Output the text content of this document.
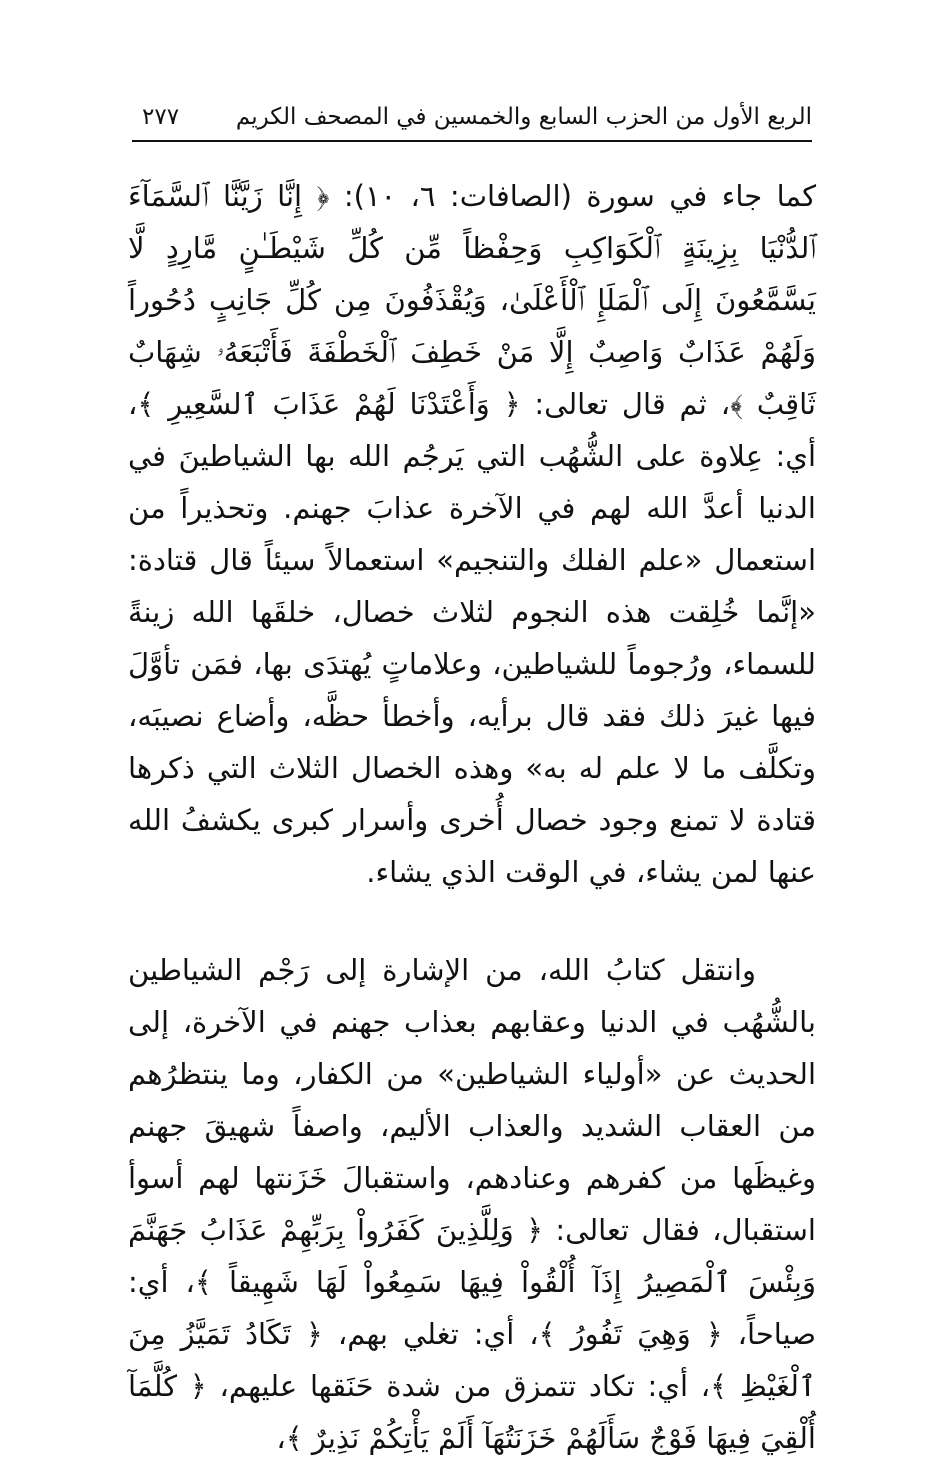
الربع الأول من الحزب السابع والخمسين في المصحف الكريم
٢٧٧

كما جاء في سورة (الصافات: ٦، ١٠): ﴿ إِنَّا زَيَّنَّا ٱلسَّمَآءَ ٱلدُّنْيَا بِزِينَةٍ ٱلْكَوَاكِبِ وَحِفْظاً مِّن كُلِّ شَيْطَـٰنٍ مَّارِدٍ لَّا يَسَّمَّعُونَ إِلَى ٱلْمَلَإِ ٱلْأَعْلَىٰ، وَيُقْذَفُونَ مِن كُلِّ جَانِبٍ دُحُوراً وَلَهُمْ عَذَابٌ وَاصِبٌ إِلَّا مَنْ خَطِفَ ٱلْخَطْفَةَ فَأَتْبَعَهُۥ شِهَابٌ ثَاقِبٌ ﴾، ثم قال تعالى: ﴿ وَأَعْتَدْنَا لَهُمْ عَذَابَ ٱلسَّعِيرِ ﴾، أي: عِلاوة على الشُّهُب التي يَرجُم الله بها الشياطينَ في الدنيا أعدَّ الله لهم في الآخرة عذابَ جهنم. وتحذيراً من استعمال «علم الفلك والتنجيم» استعمالاً سيئاً قال قتادة: «إنَّما خُلِقت هذه النجوم لثلاث خصال، خلقَها الله زينةً للسماء، ورُجوماً للشياطين، وعلاماتٍ يُهتدَى بها، فمَن تأوَّلَ فيها غيرَ ذلك فقد قال برأيه، وأخطأ حظَّه، وأضاع نصيبَه، وتكلَّف ما لا علم له به» وهذه الخصال الثلاث التي ذكرها قتادة لا تمنع وجود خصال أُخرى وأسرار كبرى يكشفُ الله عنها لمن يشاء، في الوقت الذي يشاء.

وانتقل كتابُ الله، من الإشارة إلى رَجْم الشياطين بالشُّهُب في الدنيا وعقابهم بعذاب جهنم في الآخرة، إلى الحديث عن «أولياء الشياطين» من الكفار، وما ينتظرُهم من العقاب الشديد والعذاب الأليم، واصفاً شهيقَ جهنم وغيظَها من كفرهم وعنادهم، واستقبالَ خَزَنتها لهم أسوأ استقبال، فقال تعالى: ﴿ وَلِلَّذِينَ كَفَرُواْ بِرَبِّهِمْ عَذَابُ جَهَنَّمَ وَبِئْسَ ٱلْمَصِيرُ إِذَآ أُلْقُواْ فِيهَا سَمِعُواْ لَهَا شَهِيقاً ﴾، أي: صياحاً، ﴿ وَهِيَ تَفُورُ ﴾، أي: تغلي بهم، ﴿ تَكَادُ تَمَيَّزُ مِنَ ٱلْغَيْظِ ﴾، أي: تكاد تتمزق من شدة حَنَقها عليهم، ﴿ كُلَّمَآ أُلْقِيَ فِيهَا فَوْجٌ سَأَلَهُمْ خَزَنَتُهَآ أَلَمْ يَأْتِكُمْ نَذِيرٌ ﴾،
